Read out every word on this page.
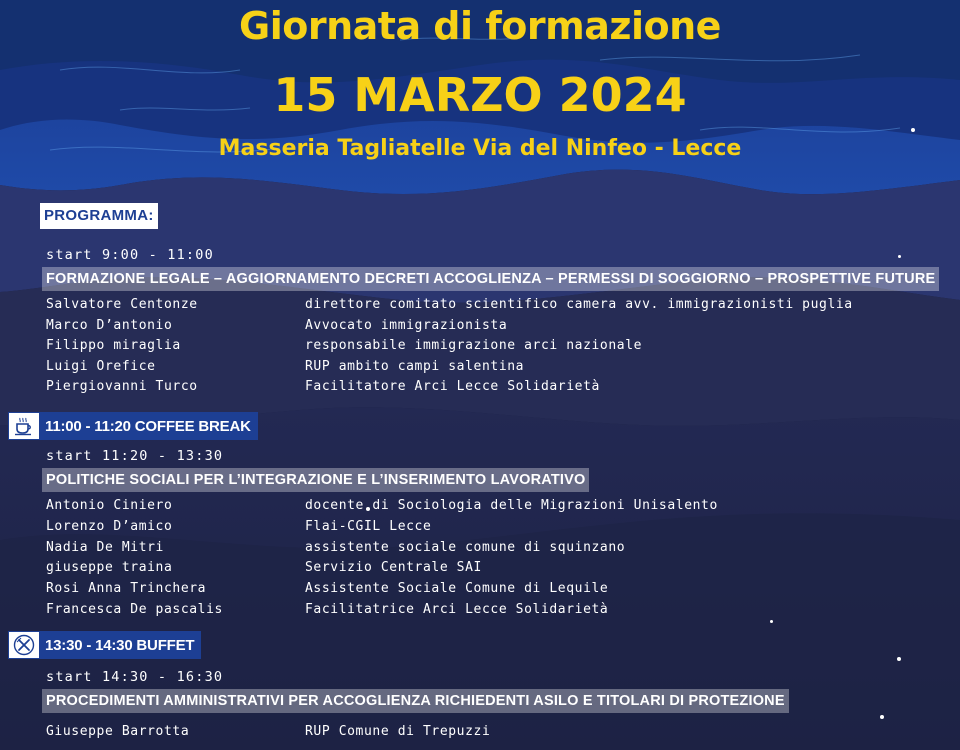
Giornata di formazione
15 MARZO 2024
Masseria Tagliatelle Via del Ninfeo - Lecce
PROGRAMMA:
start 9:00 - 11:00
FORMAZIONE LEGALE – AGGIORNAMENTO DECRETI ACCOGLIENZA – PERMESSI DI SOGGIORNO – PROSPETTIVE FUTURE
Salvatore Centonze	direttore comitato scientifico camera avv. immigrazionisti puglia
Marco D’antonio	Avvocato immigrazionista
Filippo miraglia	responsabile immigrazione arci nazionale
Luigi Orefice	RUP ambito campi salentina
Piergiovanni Turco	Facilitatore Arci Lecce Solidarietà
11:00 - 11:20 COFFEE BREAK
start 11:20 - 13:30
POLITICHE SOCIALI PER L’INTEGRAZIONE E L’INSERIMENTO LAVORATIVO
Antonio Ciniero	docente di Sociologia delle Migrazioni Unisalento
Lorenzo D’amico	Flai-CGIL Lecce
Nadia De Mitri	assistente sociale comune di squinzano
giuseppe traina	Servizio Centrale SAI
Rosi Anna Trinchera	Assistente Sociale Comune di Lequile
Francesca De pascalis	Facilitatrice Arci Lecce Solidarietà
13:30 - 14:30 BUFFET
start 14:30 - 16:30
PROCEDIMENTI AMMINISTRATIVI PER ACCOGLIENZA RICHIEDENTI ASILO E TITOLARI DI PROTEZIONE
Giuseppe Barrotta	RUP Comune di Trepuzzi
